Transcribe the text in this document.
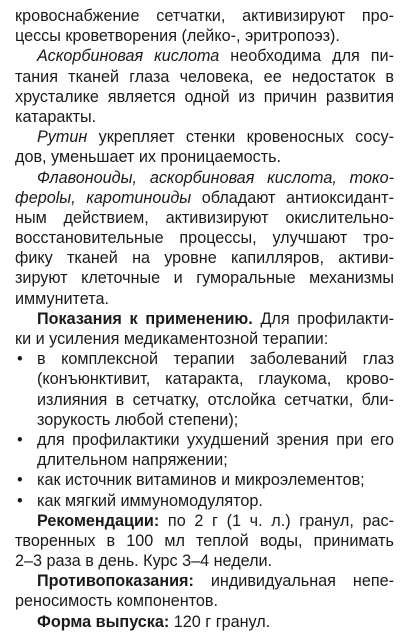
кровоснабжение сетчатки, активизируют про-
цессы кроветворения (лейко-, эритропоэз).
Аскорбиновая кислота необходима для пи-
тания тканей глаза человека, ее недостаток в
хрусталике является одной из причин развития
катаракты.
Рутин укрепляет стенки кровеносных сосу-
дов, уменьшает их проницаемость.
Флавоноиды, аскорбиновая кислота, токо-
ферolы, каротиноиды обладают антиоксидант-
ным действием, активизируют окислительно-
восстановительные процессы, улучшают тро-
фику тканей на уровне капилляров, активи-
зируют клеточные и гуморальные механизмы
иммунитета.
Показания к применению. Для профилакти-
ки и усиления медикаментозной терапии:
• в комплексной терапии заболеваний глаз
(конъюнктивит, катаракта, глаукома, крово-
излияния в сетчатку, отслойка сетчатки, бли-
зорукость любой степени);
• для профилактики ухудшений зрения при его
длительном напряжении;
• как источник витаминов и микроэлементов;
• как мягкий иммуномодулятор.
Рекомендации: по 2 г (1 ч. л.) гранул, рас-
творенных в 100 мл теплой воды, принимать
2–3 раза в день. Курс 3–4 недели.
Противопоказания: индивидуальная непе-
реносимость компонентов.
Форма выпуска: 120 г гранул.
